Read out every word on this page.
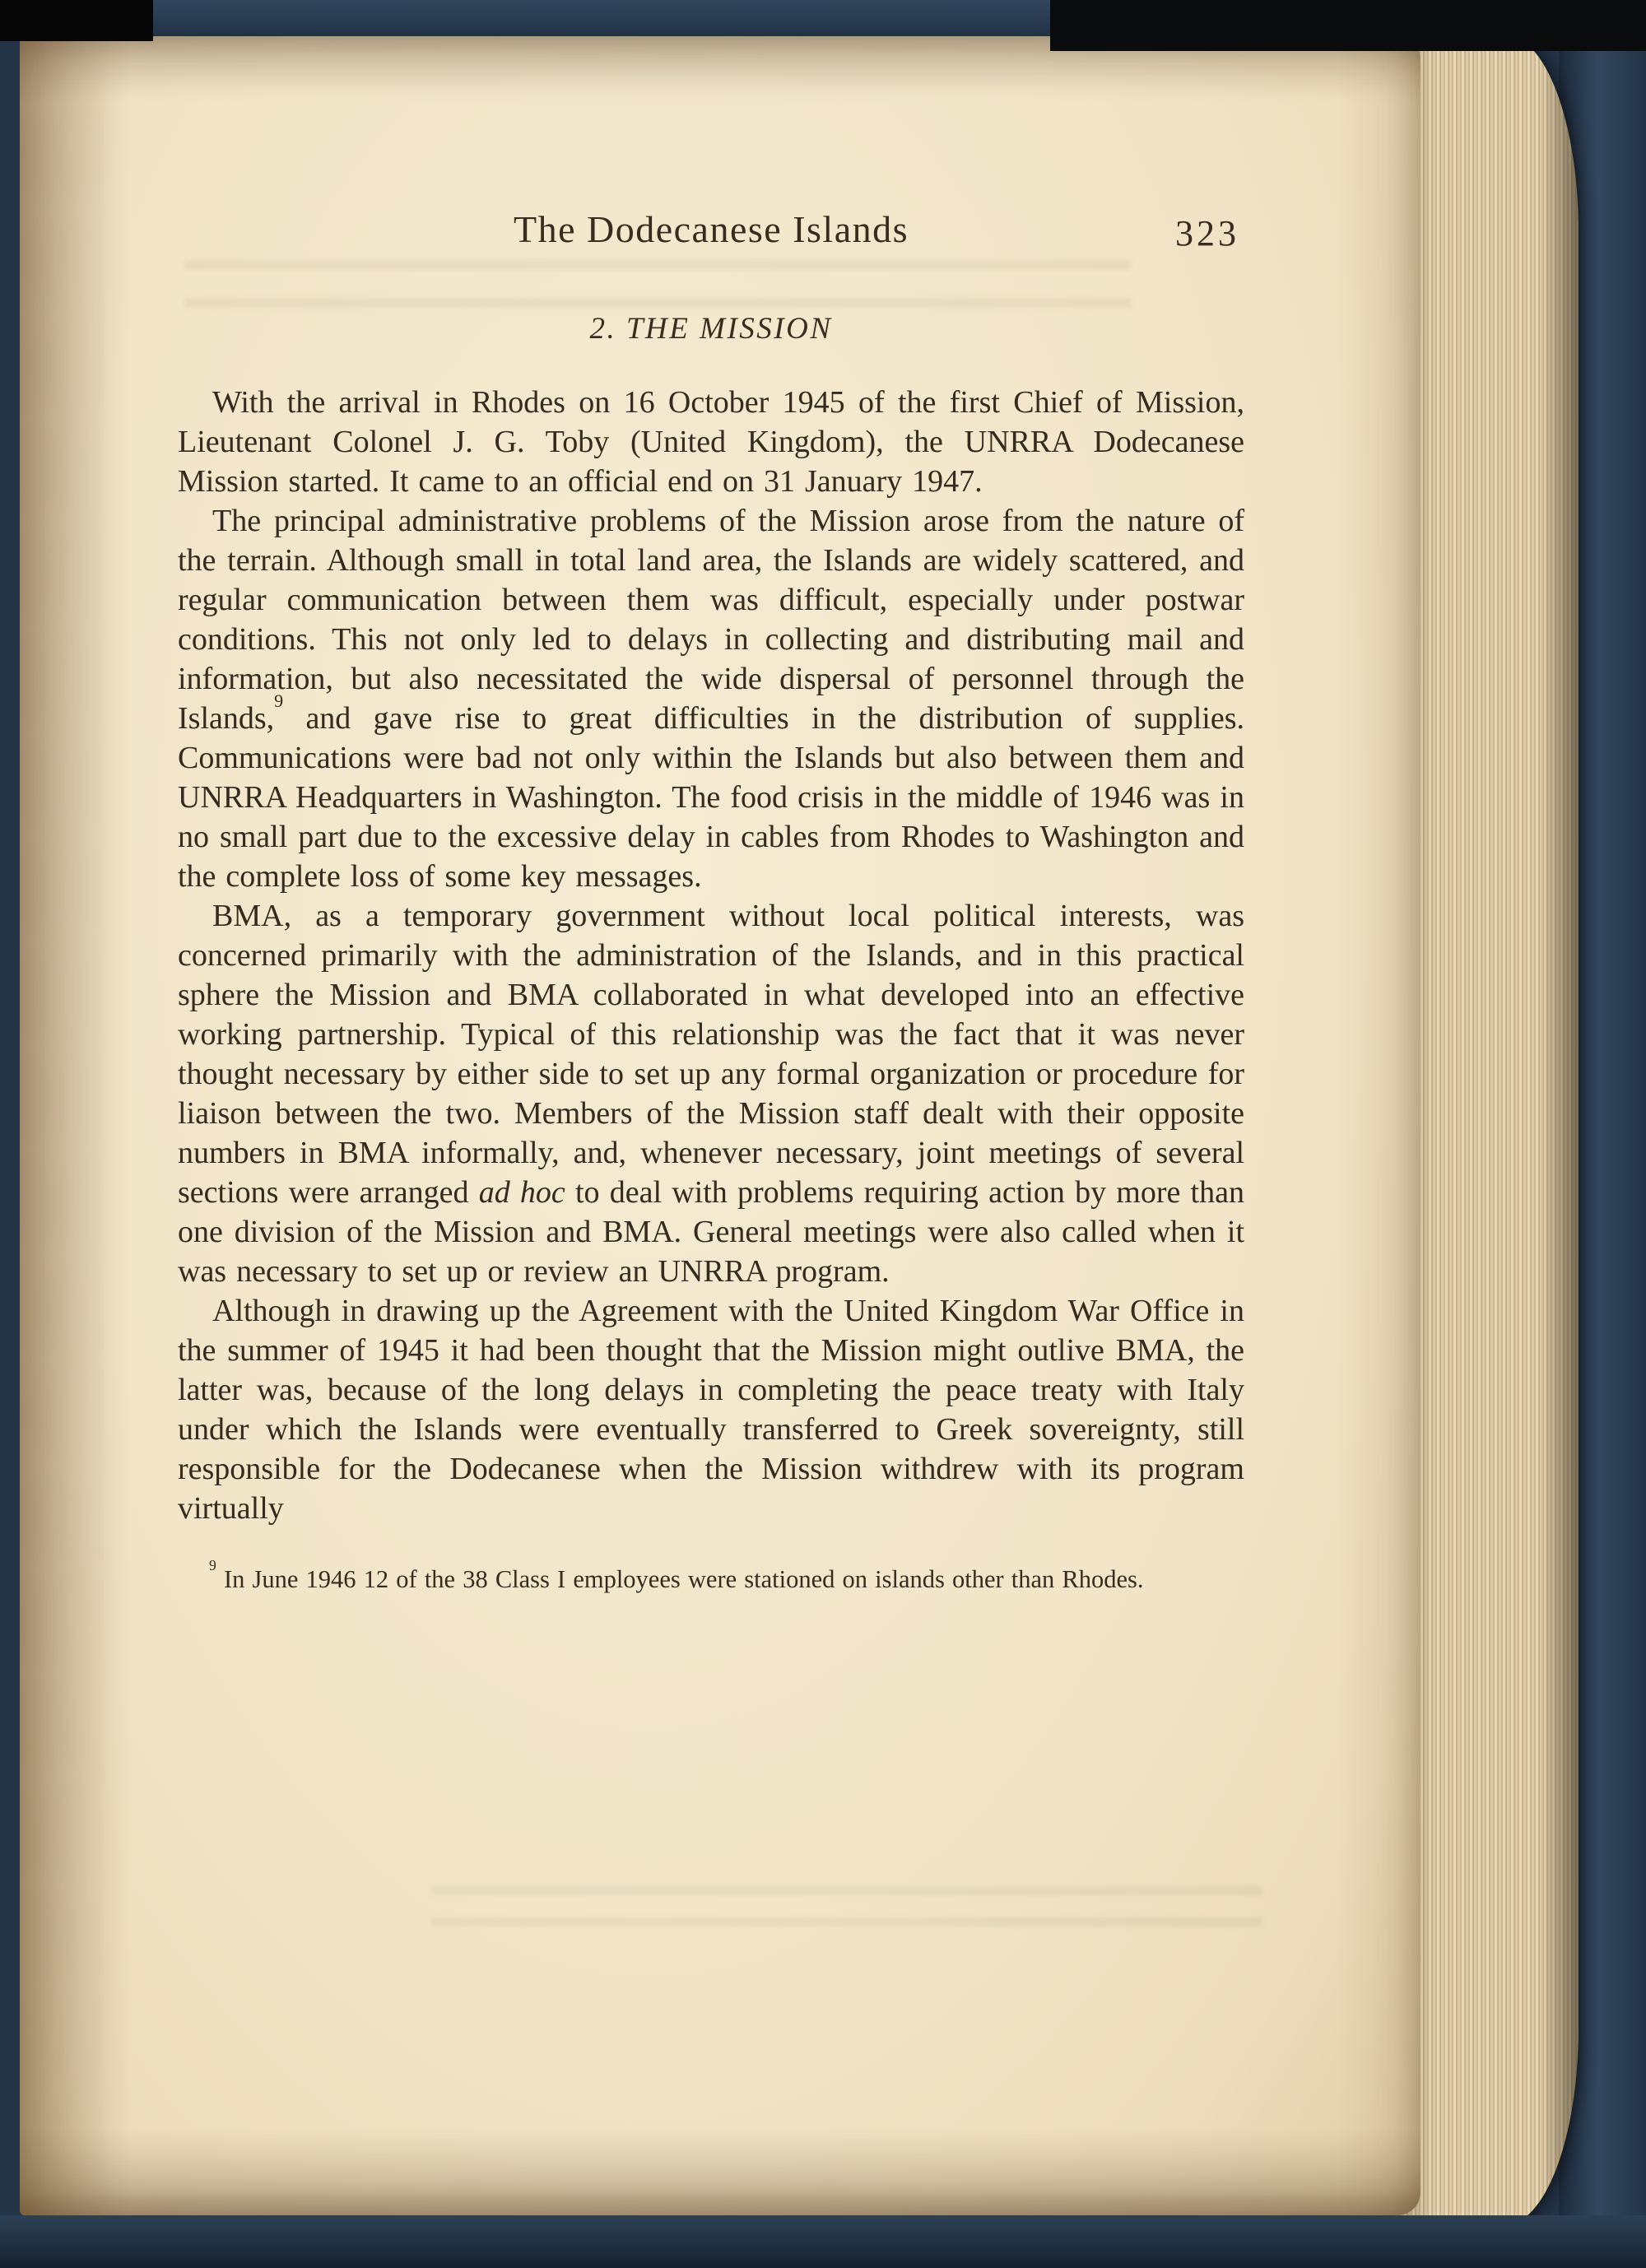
The Dodecanese Islands	323
2. THE MISSION

With the arrival in Rhodes on 16 October 1945 of the first Chief of Mission, Lieutenant Colonel J. G. Toby (United Kingdom), the UNRRA Dodecanese Mission started. It came to an official end on 31 January 1947.

The principal administrative problems of the Mission arose from the nature of the terrain. Although small in total land area, the Islands are widely scattered, and regular communication between them was difficult, especially under postwar conditions. This not only led to delays in collecting and distributing mail and information, but also necessitated the wide dispersal of personnel through the Islands,$^9$ and gave rise to great difficulties in the distribution of supplies. Communications were bad not only within the Islands but also between them and UNRRA Headquarters in Washington. The food crisis in the middle of 1946 was in no small part due to the excessive delay in cables from Rhodes to Washington and the complete loss of some key messages.

BMA, as a temporary government without local political interests, was concerned primarily with the administration of the Islands, and in this practical sphere the Mission and BMA collaborated in what developed into an effective working partnership. Typical of this relationship was the fact that it was never thought necessary by either side to set up any formal organization or procedure for liaison between the two. Members of the Mission staff dealt with their opposite numbers in BMA informally, and, whenever necessary, joint meetings of several sections were arranged ad hoc to deal with problems requiring action by more than one division of the Mission and BMA. General meetings were also called when it was necessary to set up or review an UNRRA program.

Although in drawing up the Agreement with the United Kingdom War Office in the summer of 1945 it had been thought that the Mission might outlive BMA, the latter was, because of the long delays in completing the peace treaty with Italy under which the Islands were eventually transferred to Greek sovereignty, still responsible for the Dodecanese when the Mission withdrew with its program virtually

$^9$ In June 1946 12 of the 38 Class I employees were stationed on islands other than Rhodes.
